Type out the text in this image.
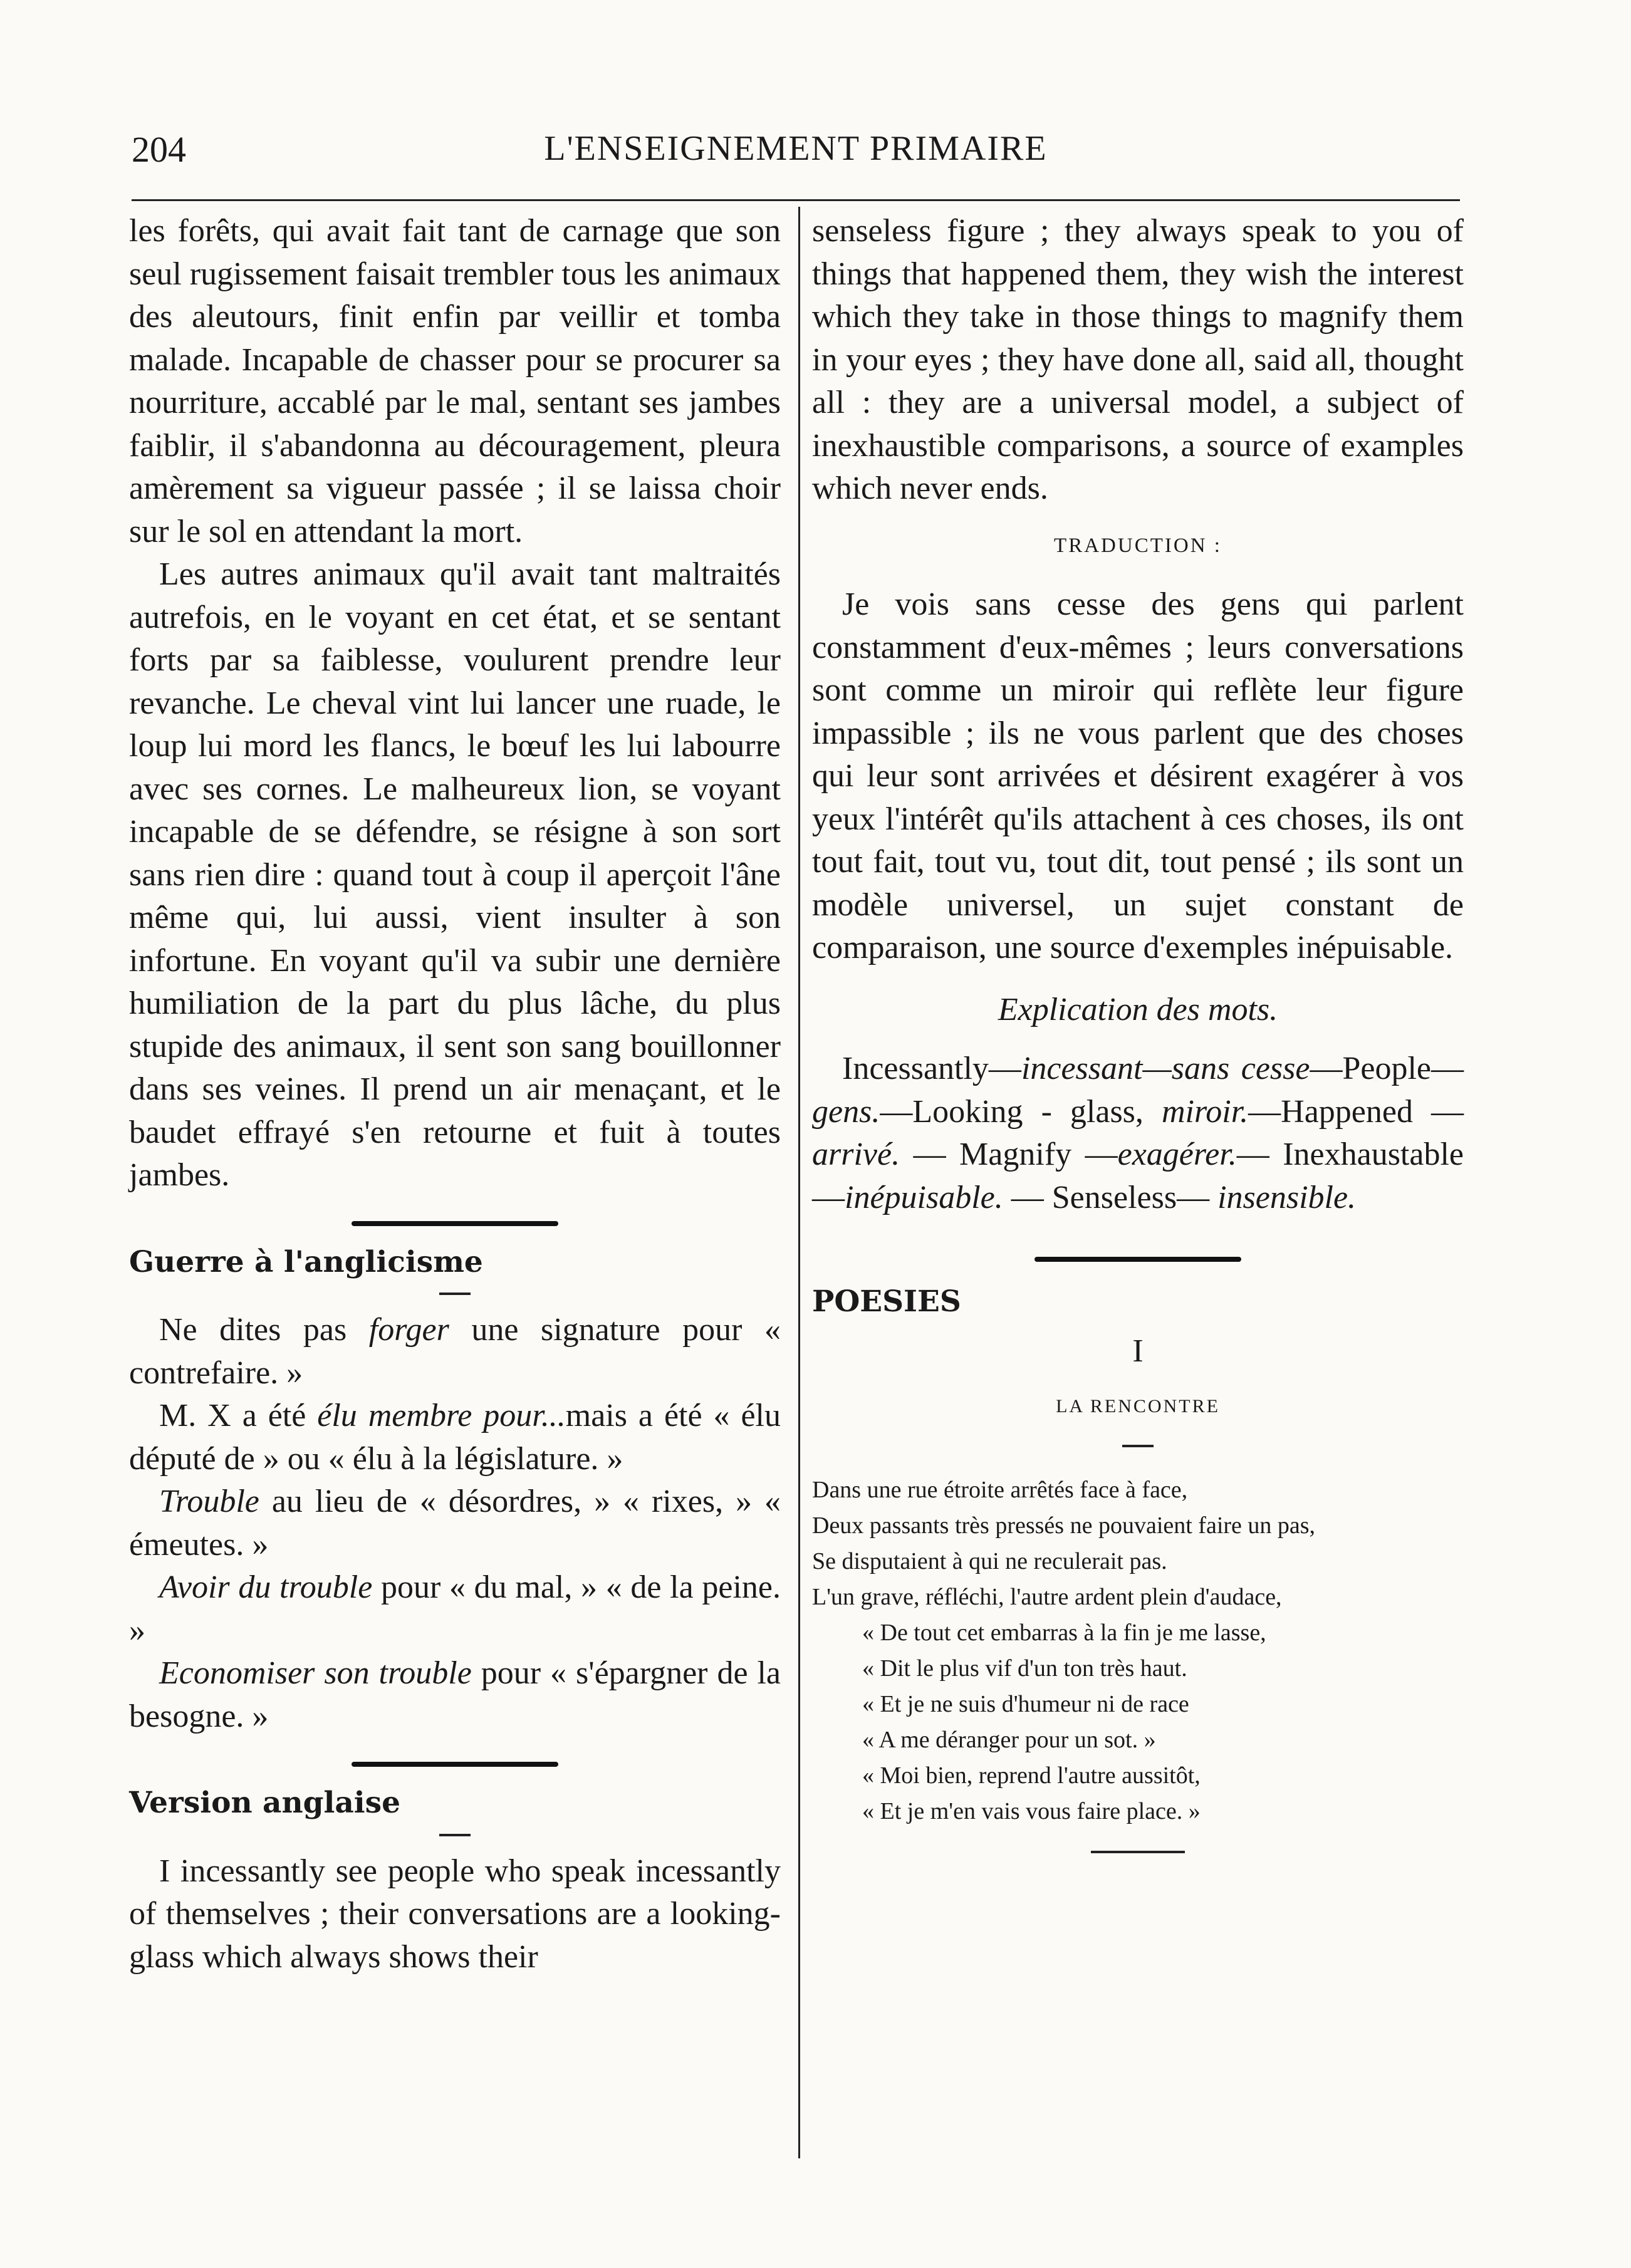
204	L'ENSEIGNEMENT PRIMAIRE

les forêts, qui avait fait tant de carnage que son seul rugissement faisait trembler tous les animaux des aleutours, finit enfin par veillir et tomba malade. Incapable de chasser pour se procurer sa nourriture, accablé par le mal, sentant ses jambes faiblir, il s'abandonna au découragement, pleura amèrement sa vigueur passée ; il se laissa choir sur le sol en attendant la mort.

Les autres animaux qu'il avait tant maltraités autrefois, en le voyant en cet état, et se sentant forts par sa faiblesse, voulurent prendre leur revanche. Le cheval vint lui lancer une ruade, le loup lui mord les flancs, le bœuf les lui labourre avec ses cornes. Le malheureux lion, se voyant incapable de se défendre, se résigne à son sort sans rien dire : quand tout à coup il aperçoit l'âne même qui, lui aussi, vient insulter à son infortune. En voyant qu'il va subir une dernière humiliation de la part du plus lâche, du plus stupide des animaux, il sent son sang bouillonner dans ses veines. Il prend un air menaçant, et le baudet effrayé s'en retourne et fuit à toutes jambes.

Guerre à l'anglicisme

Ne dites pas forger une signature pour « contrefaire. »

M. X a été élu membre pour...mais a été « élu député de » ou « élu à la législature. »

Trouble au lieu de « désordres, » « rixes, » « émeutes. »

Avoir du trouble pour « du mal, » « de la peine. »

Economiser son trouble pour « s'épargner de la besogne. »

Version anglaise

I incessantly see people who speak incessantly of themselves ; their conversations are a looking-glass which always shows their

senseless figure ; they always speak to you of things that happened them, they wish the interest which they take in those things to magnify them in your eyes ; they have done all, said all, thought all : they are a universal model, a subject of inexhaustible comparisons, a source of examples which never ends.

TRADUCTION :

Je vois sans cesse des gens qui parlent constamment d'eux-mêmes ; leurs conversations sont comme un miroir qui reflète leur figure impassible ; ils ne vous parlent que des choses qui leur sont arrivées et désirent exagérer à vos yeux l'intérêt qu'ils attachent à ces choses, ils ont tout fait, tout vu, tout dit, tout pensé ; ils sont un modèle universel, un sujet constant de comparaison, une source d'exemples inépuisable.

Explication des mots.

Incessantly—incessant—sans cesse—People—gens.—Looking - glass, miroir.—Happened — arrivé. — Magnify —exagérer.— Inexhaustable—inépuisable. — Senseless— insensible.

POESIES

I

LA RENCONTRE
Dans une rue étroite arrêtés face à face,
Deux passants très pressés ne pouvaient faire un pas,
Se disputaient à qui ne reculerait pas.
L'un grave, réfléchi, l'autre ardent plein d'audace,
« De tout cet embarras à la fin je me lasse,
« Dit le plus vif d'un ton très haut.
« Et je ne suis d'humeur ni de race
« A me déranger pour un sot. »
« Moi bien, reprend l'autre aussitôt,
« Et je m'en vais vous faire place. »
